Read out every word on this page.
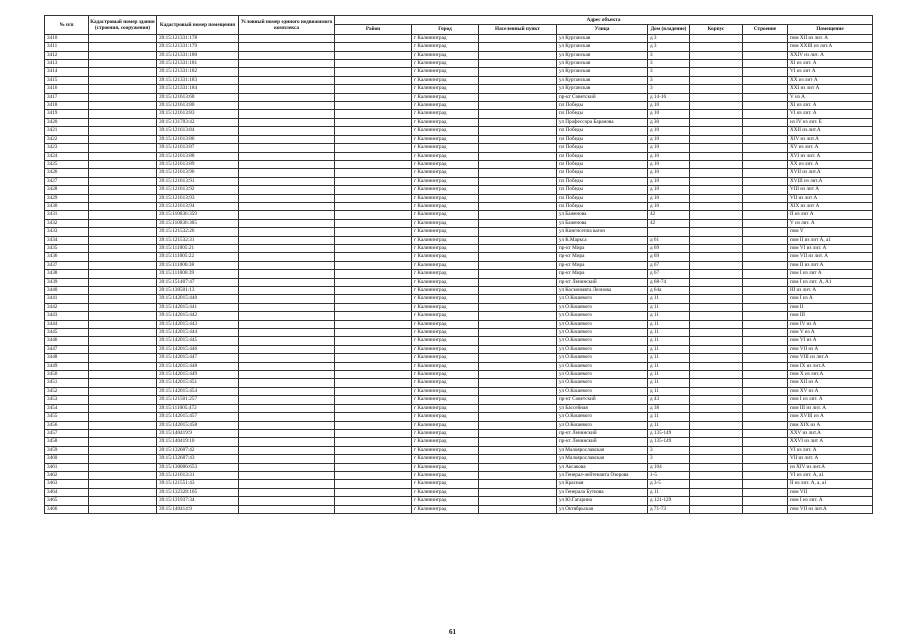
№ п/п	Кадастровый номер здания (строения, сооружения)	Кадастровый номер помещения	Условный номер единого недвижимого комплекса	Адрес объекта							
				Район	Город	Населенный пункт	Улица	Дом (владение)	Корпус	Строение	Помещение
3410		39:15:121331:178			г Калининград		ул Курганская	д 3			пом XII из лит. А
3411		39:15:121331:179			г Калининград		ул Курганская	д 3			пом XXIII из лит.А
3412		39:15:121331:180			г Калининград		ул Курганская	3			XXIV из лит. А
3413		39:15:121331:181			г Калининград		ул Курганская	3			XI из лит. А
3414		39:15:121331:182			г Калининград		ул Курганская	3			VI из лит А
3415		39:15:121331:183			г Калининград		ул Курганская	3			XX из лит А
3416		39:15:121331:184			г Калининград		ул Курганская	3			XXI из лит А
3417		39:15:121613:68			г Калининград		пр-кт Советский	д 14-16			V из А
3418		39:15:121613:80			г Калининград		пл Победы	д 10			XI из лит. А
3419		39:15:121613:83			г Калининград		пл Победы	д 10			VI из лит. А
3420		39:15:131703:42			г Калининград		ул Профессора Баранова	д 30			из IV из лит. Е
3421		39:15:121613:84			г Калининград		пл Победы	д 10			XXII из.лит.А
3422		39:15:121613:86			г Калининград		пл Победы	д 10			XIV из лит.А
3423		39:15:121613:87			г Калининград		пл Победы	д 10			XV из лит. А
3424		39:15:121613:88			г Калининград		пл Победы	д 10			XVI из лит. А
3425		39:15:121613:89			г Калининград		пл Победы	д 10			XX из лит. А
3426		39:15:121613:90			г Калининград		пл Победы	д 10			XVII из лит.А
3427		39:15:121613:91			г Калининград		пл Победы	д 10			XVIII из лит.А
3428		39:15:121613:92			г Калининград		пл Победы	д 10			VIII из лит А
3429		39:15:121613:93			г Калининград		пл Победы	д 10			VII из лит А
3430		39:15:121613:94			г Калининград		пл Победы	д 10			XIX из лит А
3431		39:15:110836:359			г Калининград		ул Баженова	42			II из лит А
3432		39:15:110836:365			г Калининград		ул Баженова	42			V из лит. А
3433		39:15:121532:26			г Калининград		ул Кингисеппа вагон				пом V
3434		39:15:121532:31			г Калининград		ул К.Маркса	д 61			пом II из лит А, а1
3435		39:15:111005:21			г Калининград		пр-кт Мира	д 69			пом VI из лит. А
3436		39:15:111005:22			г Калининград		пр-кт Мира	д 69			пом VII из лит. А
3437		39:15:111006:38			г Калининград		пр-кт Мира	д 67			пом II из лит А
3438		39:15:111006:39			г Калининград		пр-кт Мира	д 67			пом I из лит А
3439		39:15:151407:47			г Калининград		пр-кт Ленинский	д 68-74			пом I из лит. А, А1
3440		39:15:130501:13			г Калининград		ул Космонавта Леонова	д 64а			III из лит. А
3441		39:15:142015:440			г Калининград		ул О.Кошевого	д 11			пом I из А
3442		39:15:142015:441			г Калининград		ул О.Кошевого	д 11			пом II
3443		39:15:142015:442			г Калининград		ул О.Кошевого	д 11			пом III
3444		39:15:142015:443			г Калининград		ул О.Кошевого	д 11			пом IV из А
3445		39:15:142015:444			г Калининград		ул О.Кошевого	д 11			пом V из А
3446		39:15:142015:445			г Калининград		ул О.Кошевого	д 11			пом VI из А
3447		39:15:142015:446			г Калининград		ул О.Кошевого	д 11			пом VII из А
3448		39:15:142015:447			г Калининград		ул О.Кошевого	д 11			пом VIII из лит.А
3449		39:15:142015:448			г Калининград		ул О.Кошевого	д 11			пом IX из лит.А
3450		39:15:142015:449			г Калининград		ул О.Кошевого	д 11			пом X из лит.А
3451		39:15:142015:451			г Калининград		ул О.Кошевого	д 11			пом XII из А
3452		39:15:142015:454			г Калининград		ул О.Кошевого	д 11			пом XV из А
3453		39:15:121501:257			г Калининград		пр-кт Советский	д 43			пом I из лит. А
3454		39:15:111005:472			г Калининград		ул Бассейная	д 38			пом III из лит. А
3455		39:15:142015:457			г Калининград		ул О.Кошевого	д 11			пом XVIII из А
3456		39:15:142015:458			г Калининград		ул О.Кошевого	д 11			пом XIX из А
3457		39:15:140419:9			г Калининград		пр-кт Ленинский	д 135-149			XXV из лит.А
3458		39:15:140419:10			г Калининград		пр-кт Ленинский	д 135-149			XXVI из лит А
3459		39:15:132607:42			г Калининград		ул Малоярославская	3			VI из лит. А
3460		39:15:132607:43			г Калининград		ул Малоярославская	3			VII из лит. А
3461		39:15:130006:653			г Калининград		ул Аксакова	д 104			из XIV из лит.А
3462		39:15:121613:31			г Калининград		ул Генерал-лейтенанта Озерова	1-5			VI из лит. А, а1
3463		39:15:121551:43			г Калининград		ул Красная	д 3-5			II из лит. А, а, а1
3464		39:15:132328:105			г Калининград		ул Генерала Буткова	д 11			пом VII
3465		39:15:131937:34			г Калининград		ул Ю.Гагарина	д 121-129			пом I из лит. А
3466		39:15:140414:9			г Калининград		ул Октябрьская	д 71-73			пом VII из лит.А
61
